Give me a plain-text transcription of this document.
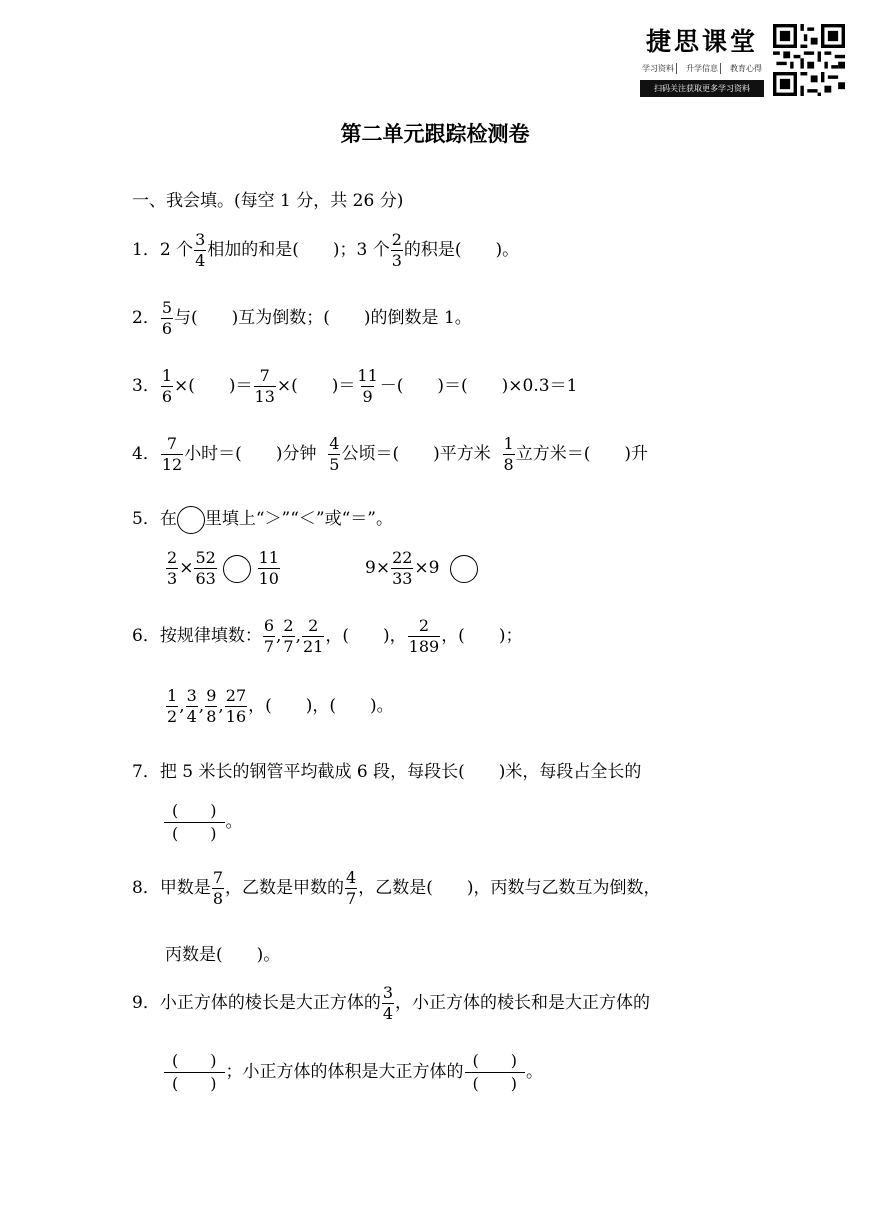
捷思课堂
学习资料	升学信息	教育心得
扫码关注获取更多学习资料
第二单元跟踪检测卷
一、我会填。(每空 1 分，共 26 分)
1．2 个 $\frac{3}{4}$ 相加的和是(　　)；3 个 $\frac{2}{3}$ 的积是(　　)。
2． $\frac{5}{6}$ 与(　　)互为倒数；(　　)的倒数是 1。
3． $\frac{1}{6}$ ×(　　)＝ $\frac{7}{13}$ ×(　　)＝ $\frac{11}{9}$ －(　　)＝(　　)×0.3＝1
4． $\frac{7}{12}$ 小时＝(　　)分钟 $\frac{4}{5}$ 公顷＝(　　)平方米 $\frac{1}{8}$ 立方米＝(　　)升
5．在 里填上“＞”“＜”或“＝”。
$\frac{2}{3} \times \frac{52}{63}$
	$\frac{11}{10}$	$9\times \frac{22}{33} \times 9$
6．按规律填数： $\frac{6}{7}$ , $\frac{2}{7}$ , $\frac{2}{21}$ ，(　　)， $\frac{2}{189}$ ，(　　)；
$\frac{1}{2}$ , $\frac{3}{4}$ , $\frac{9}{8}$ , $\frac{27}{16}$ ，(　　)，(　　)。
7．把 5 米长的钢管平均截成 6 段，每段长(　　)米，每段占全长的
$\frac{( )}{( )}$ 。
8．甲数是 $\frac{7}{8}$ ，乙数是甲数的 $\frac{4}{7}$ ，乙数是(　　)，丙数与乙数互为倒数，
丙数是(　　)。
9．小正方体的棱长是大正方体的 $\frac{3}{4}$ ，小正方体的棱长和是大正方体的
$\frac{( )}{( )}$ ；小正方体的体积是大正方体的 $\frac{( )}{( )}$ 。
